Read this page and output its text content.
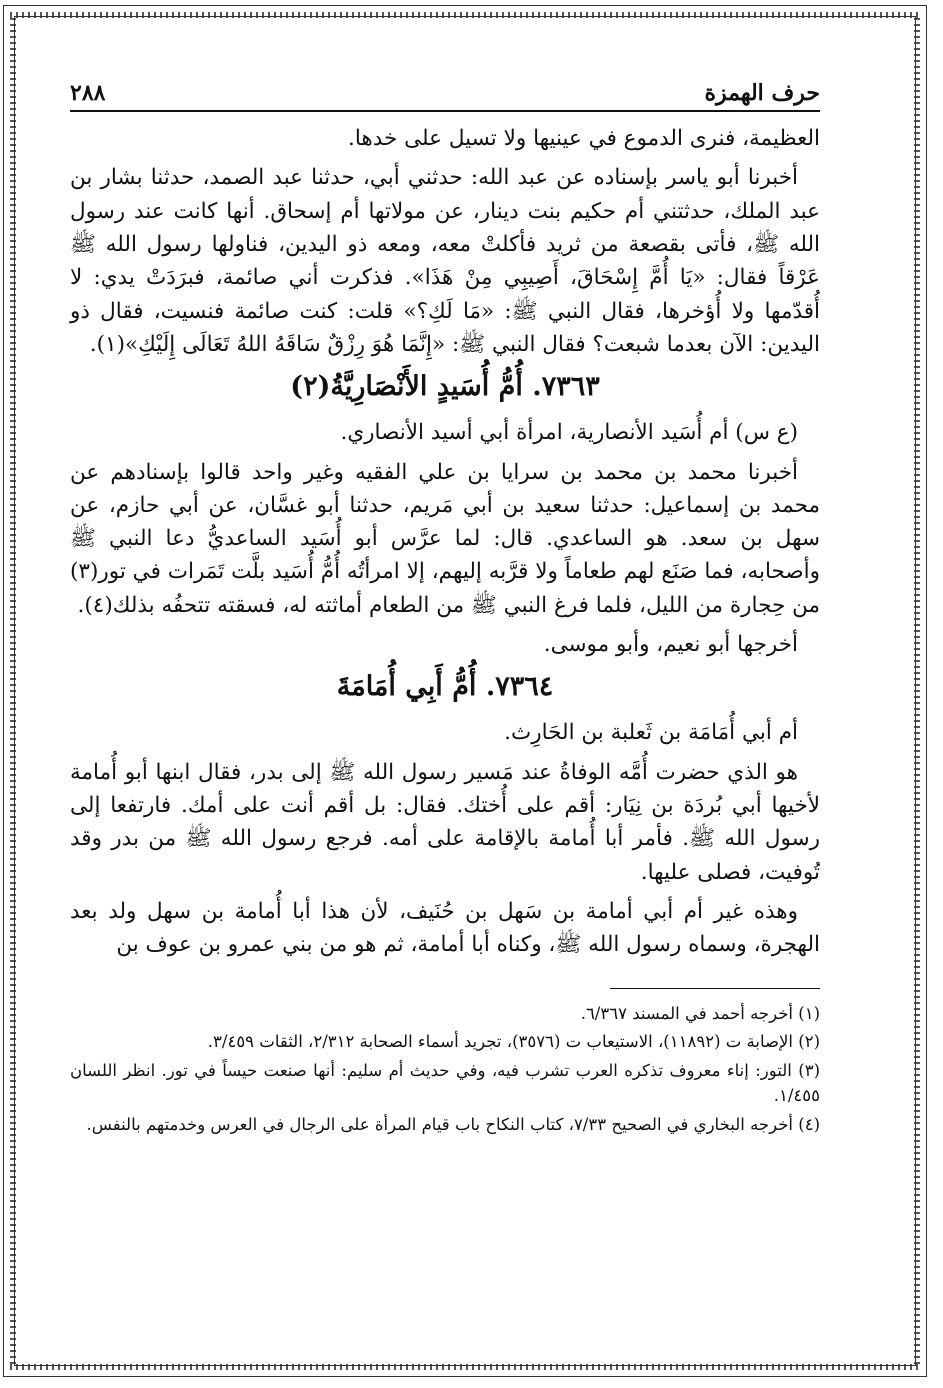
حرف الهمزة
٢٨٨

العظيمة، فنرى الدموع في عينيها ولا تسيل على خدها.

أخبرنا أبو ياسر بإسناده عن عبد الله: حدثني أبي، حدثنا عبد الصمد، حدثنا بشار بن عبد الملك، حدثتني أم حكيم بنت دينار، عن مولاتها أم إسحاق. أنها كانت عند رسول الله ﷺ، فأتى بقصعة من ثريد فأكلتْ معه، ومعه ذو اليدين، فناولها رسول الله ﷺ عَرْقاً فقال: «يَا أُمَّ إِسْحَاقَ، أَصِيبِي مِنْ هَذَا». فذكرت أني صائمة، فبرَدَتْ يدي: لا أُقدّمها ولا أُؤخرها، فقال النبي ﷺ: «مَا لَكِ؟» قلت: كنت صائمة فنسيت، فقال ذو اليدين: الآن بعدما شبعت؟ فقال النبي ﷺ: «إِنَّمَا هُوَ رِزْقٌ سَاقَهُ اللهُ تَعَالَى إِلَيْكِ»(١).

٧٣٦٣. أُمُّ أُسَيدٍ الأَنْصَارِيَّةُ(٢)

(ع س) أم أُسَيد الأنصارية، امرأة أبي أسيد الأنصاري.

أخبرنا محمد بن محمد بن سرايا بن علي الفقيه وغير واحد قالوا بإسنادهم عن محمد بن إسماعيل: حدثنا سعيد بن أبي مَريم، حدثنا أبو غسَّان، عن أبي حازم، عن سهل بن سعد. هو الساعدي. قال: لما عرَّس أبو أُسَيد الساعديُّ دعا النبي ﷺ وأصحابه، فما صَنَع لهم طعاماً ولا قرَّبه إليهم، إلا امرأتُه أُمُّ أُسَيد بلَّت تَمَرات في تور(٣) من حِجارة من الليل، فلما فرغ النبي ﷺ من الطعام أماثته له، فسقته تتحفُه بذلك(٤).

أخرجها أبو نعيم، وأبو موسى.

٧٣٦٤. أُمُّ أَبِي أُمَامَةَ

أم أبي أُمَامَة بن ثَعلبة بن الحَارِث.

هو الذي حضرت أُمَّه الوفاةُ عند مَسير رسول الله ﷺ إلى بدر، فقال ابنها أبو أُمامة لأخيها أبي بُردَة بن نِيَار: أقم على أُختك. فقال: بل أقم أنت على أمك. فارتفعا إلى رسول الله ﷺ. فأمر أبا أُمامة بالإقامة على أمه. فرجع رسول الله ﷺ من بدر وقد تُوفيت، فصلى عليها.

وهذه غير أم أبي أمامة بن سَهل بن حُنَيف، لأن هذا أبا أُمامة بن سهل ولد بعد الهجرة، وسماه رسول الله ﷺ، وكناه أبا أمامة، ثم هو من بني عمرو بن عوف بن

(١) أخرجه أحمد في المسند ٦/٣٦٧.

(٢) الإصابة ت (١١٨٩٢)، الاستيعاب ت (٣٥٧٦)، تجريد أسماء الصحابة ٢/٣١٢، الثقات ٣/٤٥٩.

(٣) التور: إناء معروف تذكره العرب تشرب فيه، وفي حديث أم سليم: أنها صنعت حيساً في تور. انظر اللسان ١/٤٥٥.

(٤) أخرجه البخاري في الصحيح ٧/٣٣، كتاب النكاح باب قيام المرأة على الرجال في العرس وخدمتهم بالنفس.
